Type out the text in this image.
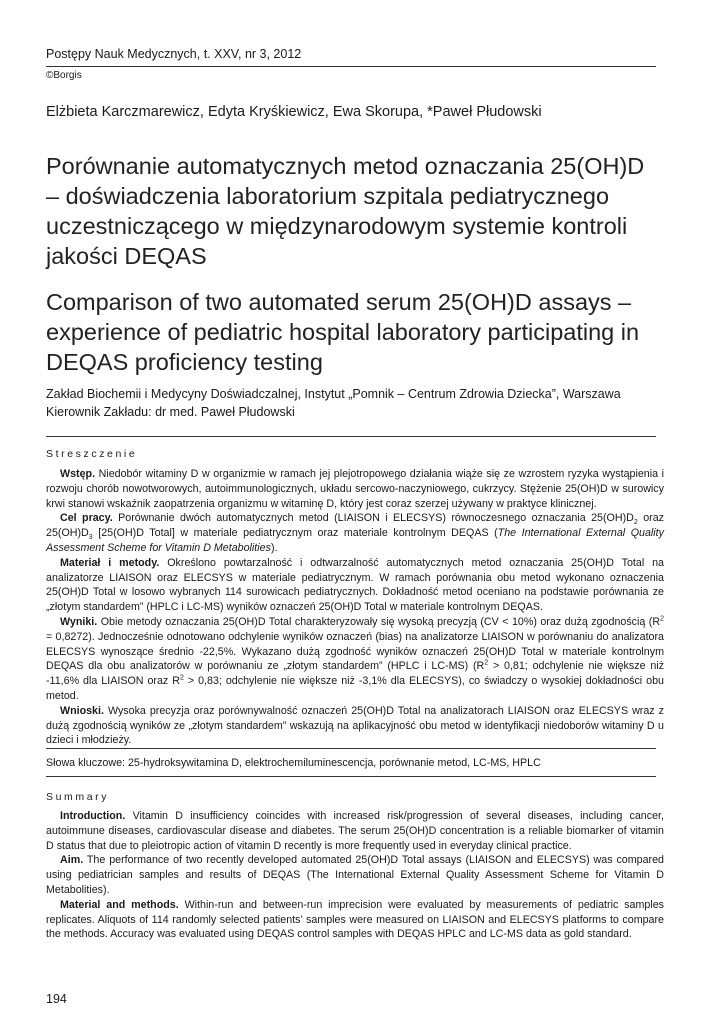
Postępy Nauk Medycznych, t. XXV, nr 3, 2012
©Borgis
Elżbieta Karczmarewicz, Edyta Kryśkiewicz, Ewa Skorupa, *Paweł Płudowski
Porównanie automatycznych metod oznaczania 25(OH)D – doświadczenia laboratorium szpitala pediatrycznego uczestniczącego w międzynarodowym systemie kontroli jakości DEQAS
Comparison of two automated serum 25(OH)D assays – experience of pediatric hospital laboratory participating in DEQAS proficiency testing
Zakład Biochemii i Medycyny Doświadczalnej, Instytut „Pomnik – Centrum Zdrowia Dziecka”, Warszawa
Kierownik Zakładu: dr med. Paweł Płudowski
Streszczenie

Wstęp. Niedobór witaminy D w organizmie w ramach jej plejotropowego działania wiąże się ze wzrostem ryzyka wystąpienia i rozwoju chorób nowotworowych, autoimmunologicznych, układu sercowo-naczyniowego, cukrzycy. Stężenie 25(OH)D w surowicy krwi stanowi wskaźnik zaopatrzenia organizmu w witaminę D, który jest coraz szerzej używany w praktyce klinicznej.

Cel pracy. Porównanie dwóch automatycznych metod (LIAISON i ELECSYS) równoczesnego oznaczania $25(OH)D_2$ oraz $25(OH)D_3$ [25(OH)D Total] w materiale pediatrycznym oraz materiale kontrolnym DEQAS (The International External Quality Assessment Scheme for Vitamin D Metabolities).

Materiał i metody. Określono powtarzalność i odtwarzalność automatycznych metod oznaczania 25(OH)D Total na analizatorze LIAISON oraz ELECSYS w materiale pediatrycznym. W ramach porównania obu metod wykonano oznaczenia 25(OH)D Total w losowo wybranych 114 surowicach pediatrycznych. Dokładność metod oceniano na podstawie porównania ze „złotym standardem” (HPLC i LC-MS) wyników oznaczeń 25(OH)D Total w materiale kontrolnym DEQAS.

Wyniki. Obie metody oznaczania 25(OH)D Total charakteryzowały się wysoką precyzją (CV < 10%) oraz dużą zgodnością $(R^2 = 0,8272)$. Jednocześnie odnotowano odchylenie wyników oznaczeń (bias) na analizatorze LIAISON w porównaniu do analizatora ELECSYS wynoszące średnio -22,5%. Wykazano dużą zgodność wyników oznaczeń 25(OH)D Total w materiale kontrolnym DEQAS dla obu analizatorów w porównaniu ze „złotym standardem” (HPLC i LC-MS) ($R^2 > 0,81$; odchylenie nie większe niż -11,6% dla LIAISON oraz $R^2 > 0,83$; odchylenie nie większe niż -3,1% dla ELECSYS), co świadczy o wysokiej dokładności obu metod.

Wnioski. Wysoka precyzja oraz porównywalność oznaczeń 25(OH)D Total na analizatorach LIAISON oraz ELECSYS wraz z dużą zgodnością wyników ze „złotym standardem” wskazują na aplikacyjność obu metod w identyfikacji niedoborów witaminy D u dzieci i młodzieży.

Słowa kluczowe: 25-hydroksywitamina D, elektrochemiluminescencja, porównanie metod, LC-MS, HPLC
Summary

Introduction. Vitamin D insufficiency coincides with increased risk/progression of several diseases, including cancer, autoimmune diseases, cardiovascular disease and diabetes. The serum 25(OH)D concentration is a reliable biomarker of vitamin D status that due to pleiotropic action of vitamin D recently is more frequently used in everyday clinical practice.

Aim. The performance of two recently developed automated 25(OH)D Total assays (LIAISON and ELECSYS) was compared using pediatrician samples and results of DEQAS (The International External Quality Assessment Scheme for Vitamin D Metabolities).

Material and methods. Within-run and between-run imprecision were evaluated by measurements of pediatric samples replicates. Aliquots of 114 randomly selected patients’ samples were measured on LIAISON and ELECSYS platforms to compare the methods. Accuracy was evaluated using DEQAS control samples with DEQAS HPLC and LC-MS data as gold standard.

194
